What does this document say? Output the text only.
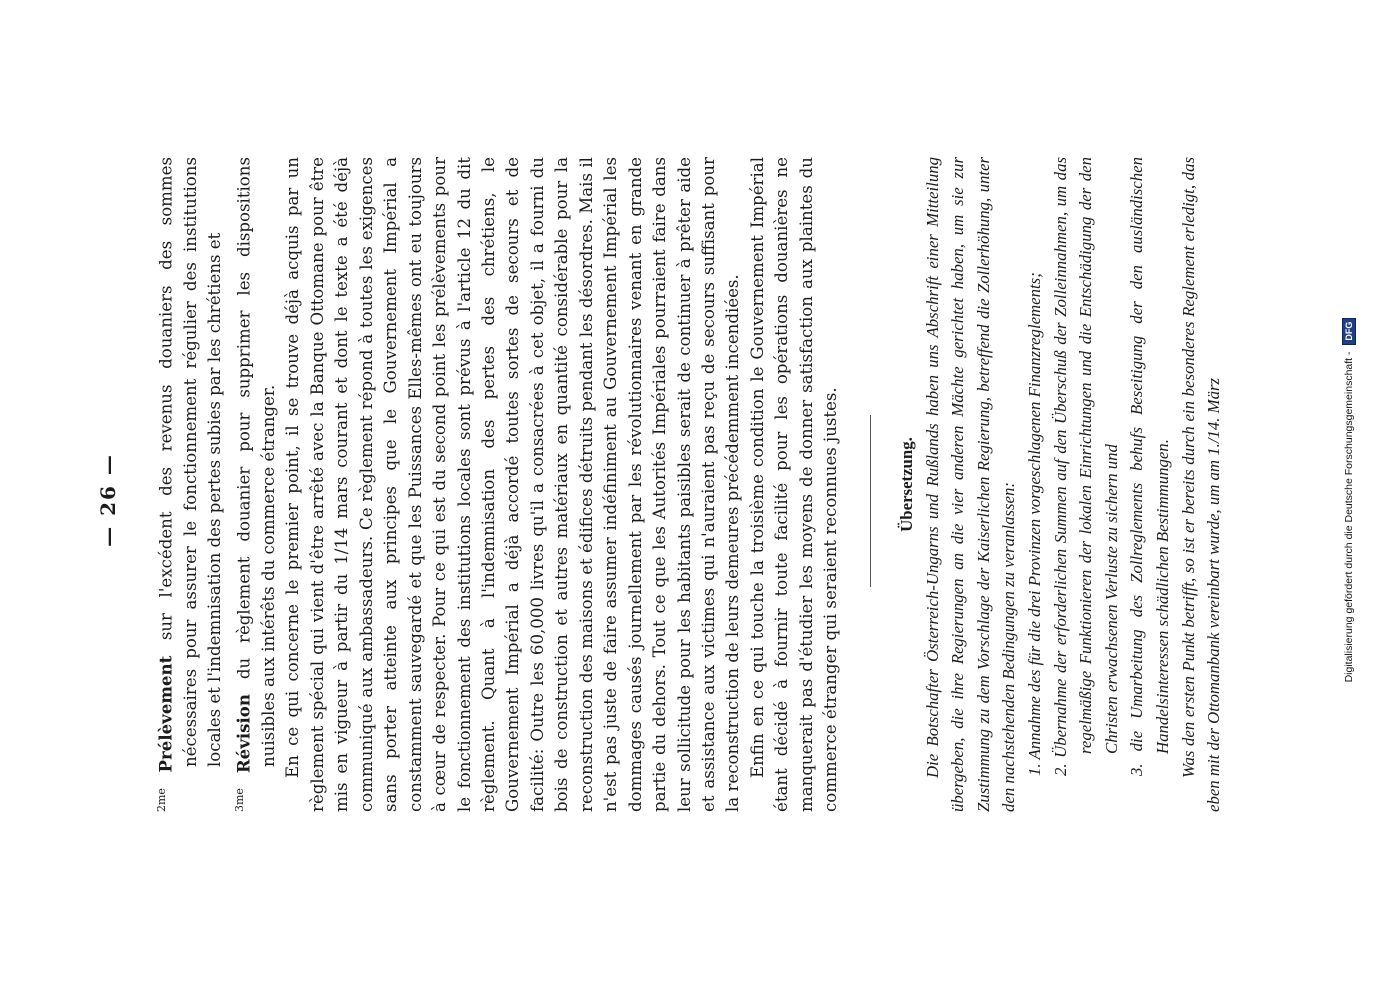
— 26 —

$^{2me}$ Prélèvement sur l'excédent des revenus douaniers des sommes nécessaires pour assurer le fonctionnement régulier des institutions locales et l'indemnisation des pertes subies par les chrétiens et

$^{3me}$ Révision du règlement douanier pour supprimer les dispositions nuisibles aux intérêts du commerce étranger. En ce qui concerne le premier point, il se trouve déjà acquis par un règlement spécial qui vient d'être arrêté avec la Banque Ottomane pour être mis en vigueur à partir du 1/14 mars courant et dont le texte a été déjà communiqué aux ambassadeurs. Ce règlement répond à toutes les exigences sans porter atteinte aux principes que le Gouvernement Impérial a constamment sauvegardé et que les Puissances Elles-mêmes ont eu toujours à cœur de respecter. Pour ce qui est du second point les prélèvements pour le fonctionnement des institutions locales sont prévus à l'article 12 du dit règlement. Quant à l'indemnisation des pertes des chrétiens, le Gouvernement Impérial a déjà accordé toutes sortes de secours et de facilité: Outre les 60,000 livres qu'il a consacrées à cet objet, il a fourni du bois de construction et autres matériaux en quantité considérable pour la reconstruction des maisons et édifices détruits pendant les désordres. Mais il n'est pas juste de faire assumer indéfiniment au Gouvernement Impérial les dommages causés journellement par les révolutionnaires venant en grande partie du dehors. Tout ce que les Autorités Impériales pourraient faire dans leur sollicitude pour les habitants paisibles serait de continuer à prêter aide et assistance aux victimes qui n'auraient pas reçu de secours suffisant pour la reconstruction de leurs demeures précédemment incendiées. Enfin en ce qui touche la troisième condition le Gouvernement Impérial étant décidé à fournir toute facilité pour les opérations douanières ne manquerait pas d'étudier les moyens de donner satisfaction aux plaintes du commerce étranger qui seraient reconnues justes.	Übersetzung. Die Botschafter Österreich-Ungarns und Rußlands haben uns Abschrift einer Mitteilung übergeben, die ihre Regierungen an die vier anderen Mächte gerichtet haben, um sie zur Zustimmung zu dem Vorschlage der Kaiserlichen Regierung, betreffend die Zollerhöhung, unter den nachstehenden Bedingungen zu veranlassen: 1. Annahme des für die drei Provinzen vorgeschlagenen Finanzreglements; 2. Übernahme der erforderlichen Summen auf den Überschuß der Zolleinnahmen, um das regelmäßige Funktionieren der lokalen Einrichtungen und die Entschädigung der den Christen erwachsenen Verluste zu sichern und 3. die Umarbeitung des Zollreglements behufs Beseitigung der den ausländischen Handelsinteressen schädlichen Bestimmungen. Was den ersten Punkt betrifft, so ist er bereits durch ein besonderes Reglement erledigt, das eben mit der Ottomanbank vereinbart wurde, um am 1./14. März	Digitalisierung gefördert durch die Deutsche Forschungsgemeinschaft - DFG
